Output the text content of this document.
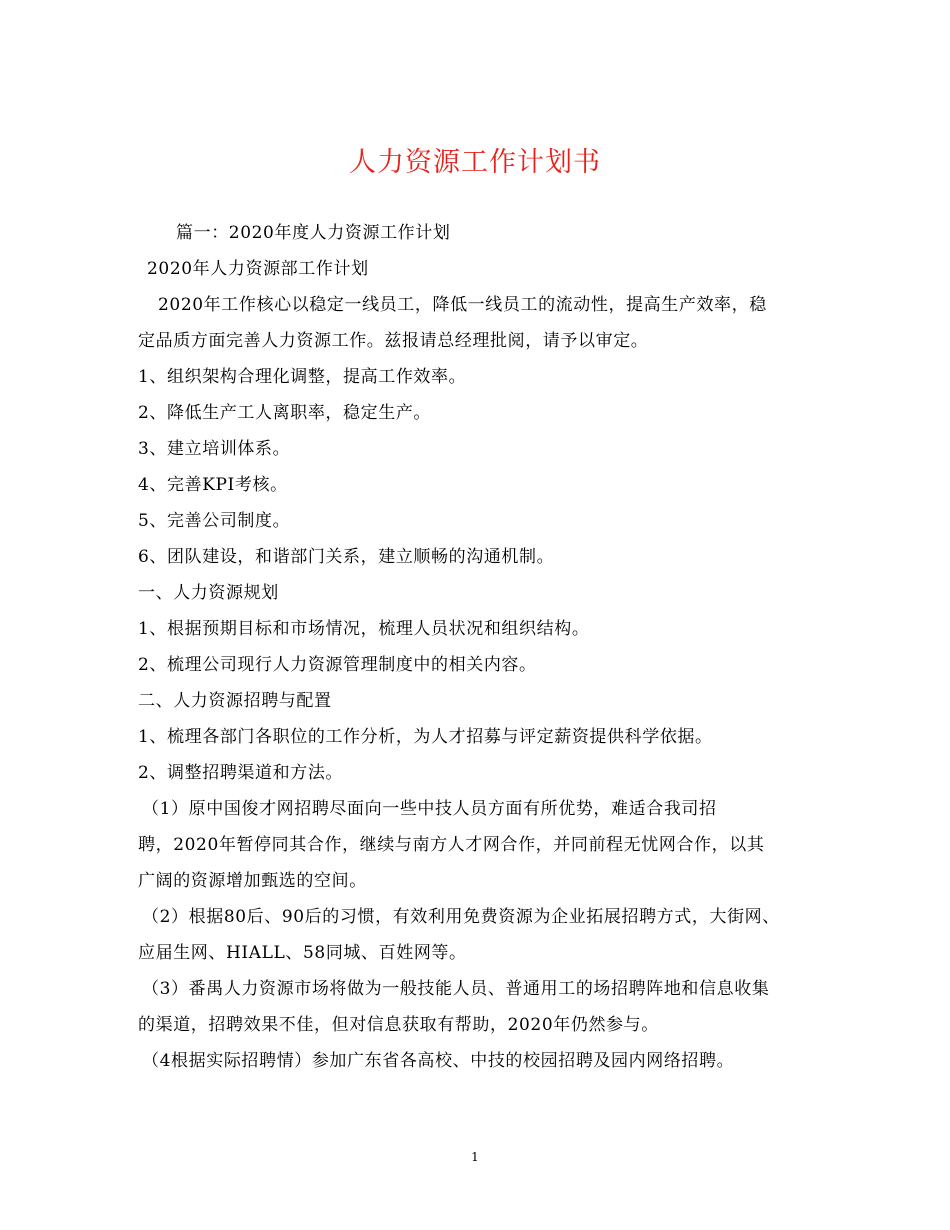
人力资源工作计划书

篇一：2020年度人力资源工作计划

2020年人力资源部工作计划

2020年工作核心以稳定一线员工，降低一线员工的流动性，提高生产效率，稳

定品质方面完善人力资源工作。兹报请总经理批阅，请予以审定。

1、组织架构合理化调整，提高工作效率。

2、降低生产工人离职率，稳定生产。

3、建立培训体系。

4、完善KPI考核。

5、完善公司制度。

6、团队建设，和谐部门关系，建立顺畅的沟通机制。

一、人力资源规划

1、根据预期目标和市场情况，梳理人员状况和组织结构。

2、梳理公司现行人力资源管理制度中的相关内容。

二、人力资源招聘与配置

1、梳理各部门各职位的工作分析，为人才招募与评定薪资提供科学依据。

2、调整招聘渠道和方法。

（1）原中国俊才网招聘尽面向一些中技人员方面有所优势，难适合我司招

聘，2020年暂停同其合作，继续与南方人才网合作，并同前程无忧网合作，以其

广阔的资源增加甄选的空间。

（2）根据80后、90后的习惯，有效利用免费资源为企业拓展招聘方式，大街网、

应届生网、HIALL、58同城、百姓网等。

（3）番禺人力资源市场将做为一般技能人员、普通用工的场招聘阵地和信息收集

的渠道，招聘效果不佳，但对信息获取有帮助，2020年仍然参与。

（4根据实际招聘情）参加广东省各高校、中技的校园招聘及园内网络招聘。

1
